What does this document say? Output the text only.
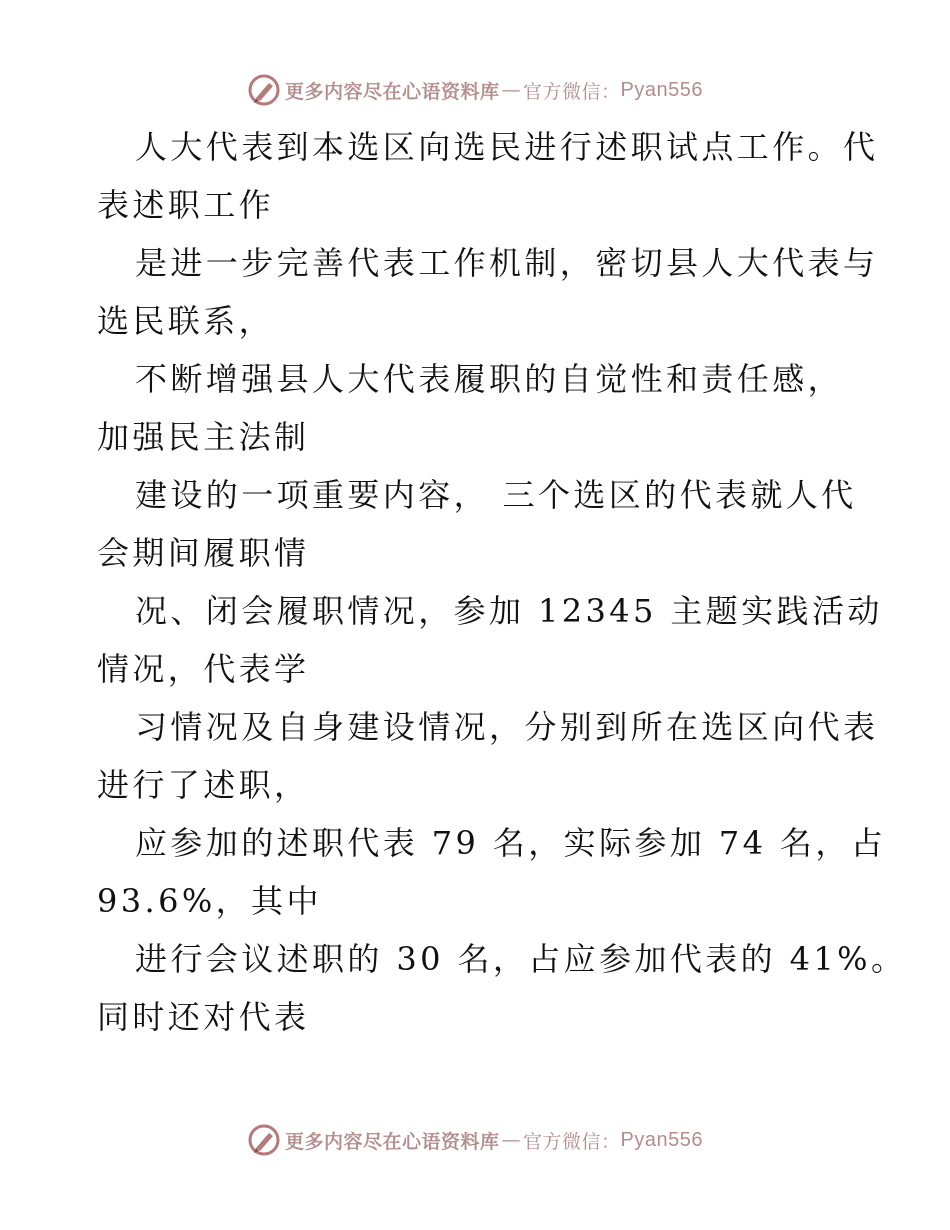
更多内容尽在心语资料库 — 官方微信： Pyan556
人大代表到本选区向选民进行述职试点工作。代
表述职工作
是进一步完善代表工作机制，密切县人大代表与
选民联系，
不断增强县人大代表履职的自觉性和责任感，
加强民主法制
建设的一项重要内容， 三个选区的代表就人代
会期间履职情
况、闭会履职情况，参加 12345 主题实践活动
情况，代表学
习情况及自身建设情况，分别到所在选区向代表
进行了述职，
应参加的述职代表 79 名，实际参加 74 名，占
93.6%，其中
进行会议述职的 30 名，占应参加代表的 41%。
同时还对代表
更多内容尽在心语资料库 — 官方微信： Pyan556
